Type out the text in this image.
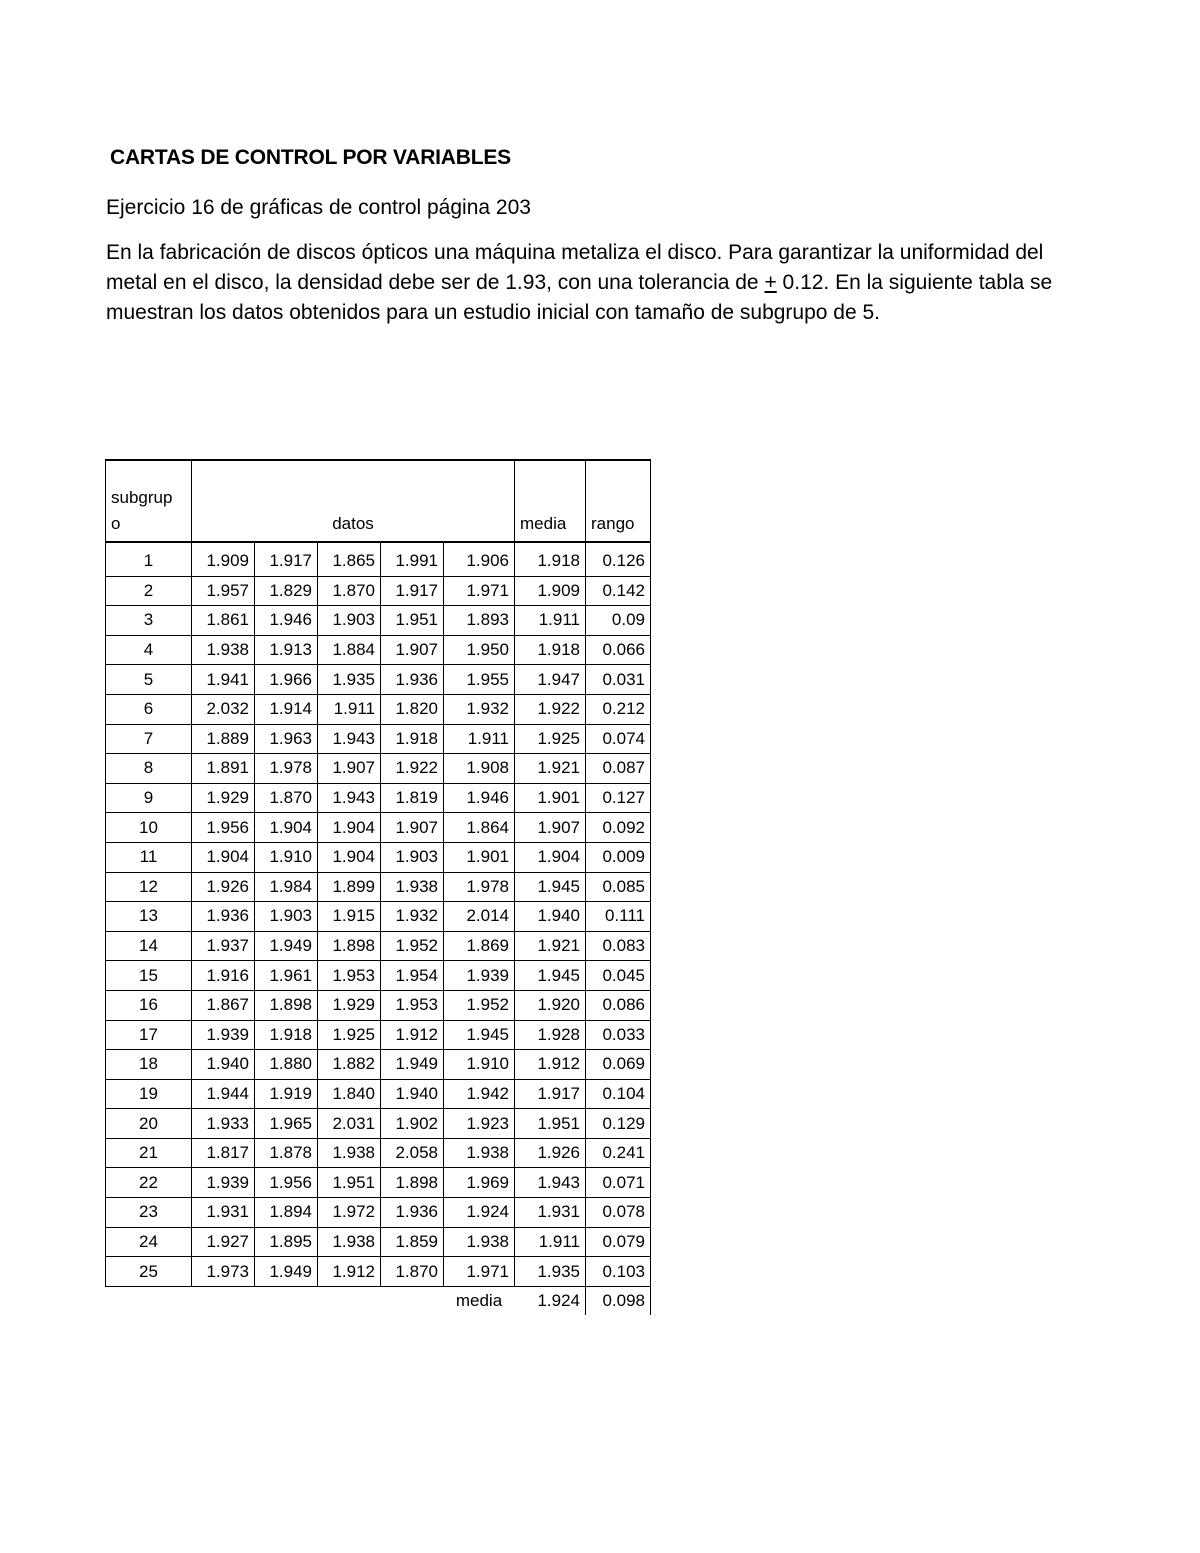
CARTAS DE CONTROL POR VARIABLES
Ejercicio 16 de gráficas de control página 203
En la fabricación de discos ópticos una máquina metaliza el disco. Para garantizar la uniformidad del metal en el disco, la densidad debe ser de 1.93, con una tolerancia de + 0.12. En la siguiente tabla se muestran los datos obtenidos para un estudio inicial con tamaño de subgrupo de 5.
subgrup
o	datos					media	rango
1	1.909	1.917	1.865	1.991	1.906	1.918	0.126
2	1.957	1.829	1.870	1.917	1.971	1.909	0.142
3	1.861	1.946	1.903	1.951	1.893	1.911	0.09
4	1.938	1.913	1.884	1.907	1.950	1.918	0.066
5	1.941	1.966	1.935	1.936	1.955	1.947	0.031
6	2.032	1.914	1.911	1.820	1.932	1.922	0.212
7	1.889	1.963	1.943	1.918	1.911	1.925	0.074
8	1.891	1.978	1.907	1.922	1.908	1.921	0.087
9	1.929	1.870	1.943	1.819	1.946	1.901	0.127
10	1.956	1.904	1.904	1.907	1.864	1.907	0.092
11	1.904	1.910	1.904	1.903	1.901	1.904	0.009
12	1.926	1.984	1.899	1.938	1.978	1.945	0.085
13	1.936	1.903	1.915	1.932	2.014	1.940	0.111
14	1.937	1.949	1.898	1.952	1.869	1.921	0.083
15	1.916	1.961	1.953	1.954	1.939	1.945	0.045
16	1.867	1.898	1.929	1.953	1.952	1.920	0.086
17	1.939	1.918	1.925	1.912	1.945	1.928	0.033
18	1.940	1.880	1.882	1.949	1.910	1.912	0.069
19	1.944	1.919	1.840	1.940	1.942	1.917	0.104
20	1.933	1.965	2.031	1.902	1.923	1.951	0.129
21	1.817	1.878	1.938	2.058	1.938	1.926	0.241
22	1.939	1.956	1.951	1.898	1.969	1.943	0.071
23	1.931	1.894	1.972	1.936	1.924	1.931	0.078
24	1.927	1.895	1.938	1.859	1.938	1.911	0.079
25	1.973	1.949	1.912	1.870	1.971	1.935	0.103
					media	1.924	0.098
